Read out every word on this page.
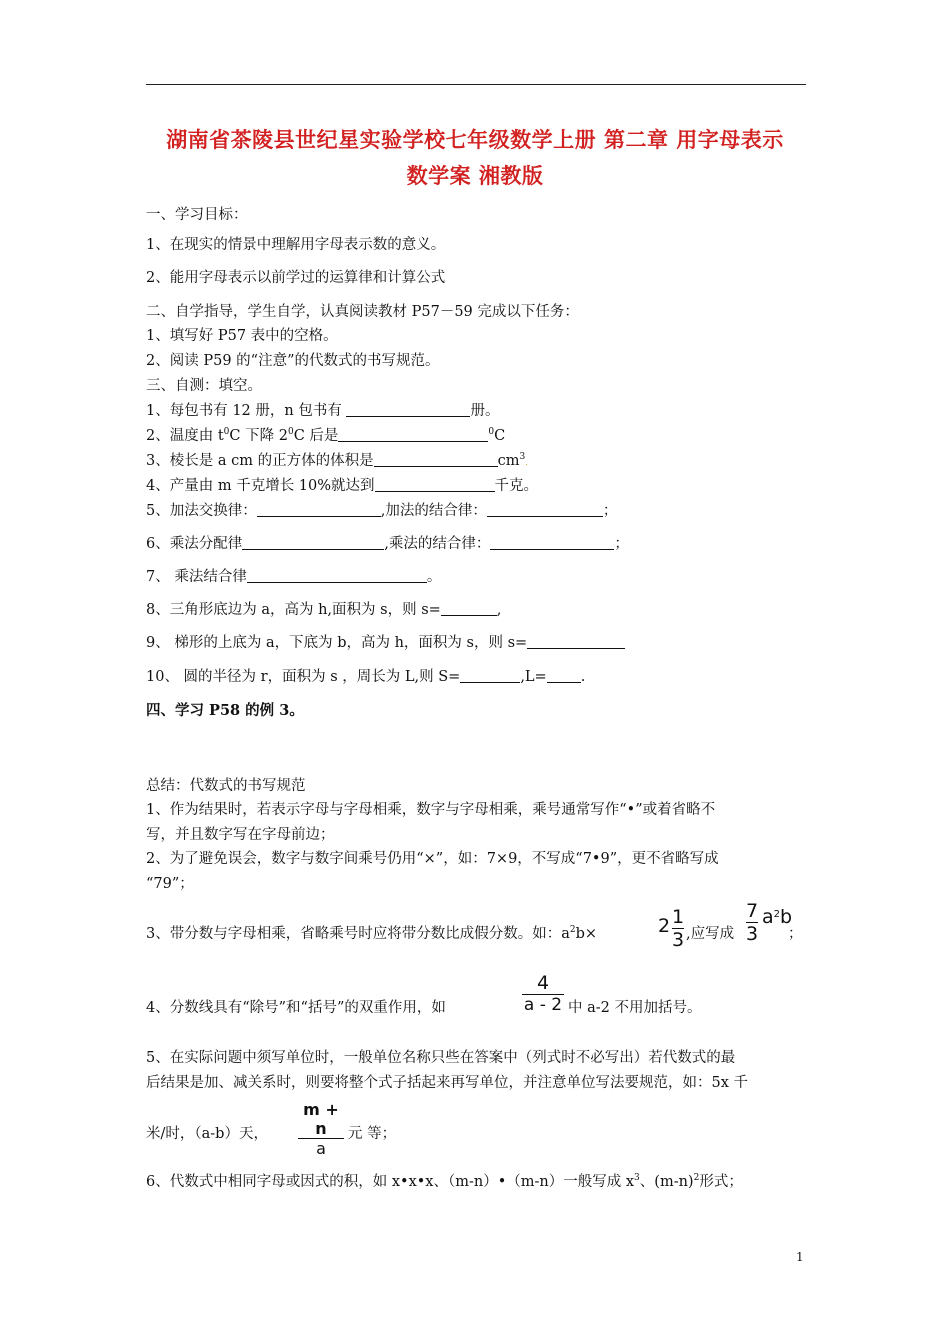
湖南省茶陵县世纪星实验学校七年级数学上册 第二章 用字母表示
数学案 湘教版
一、学习目标：
1、在现实的情景中理解用字母表示数的意义。
2、能用字母表示以前学过的运算律和计算公式
二、自学指导，学生自学，认真阅读教材 P57－59 完成以下任务：
1、填写好 P57 表中的空格。
2、阅读 P59 的“注意”的代数式的书写规范。
三、自测：填空。
1、每包书有 12 册，n 包书有	册。
2、温度由 $t^0C$ 下降 $2^0C$ 后是	$^0$C
3、棱长是 a cm 的正方体的体积是	$cm^3$.
4、产量由 m 千克增长 10%就达到	千克。
5、加法交换律：	,加法的结合律：	；
6、乘法分配律	,乘法的结合律：	；
7、 乘法结合律	。
8、三角形底边为 a，高为 h,面积为 s，则 s=	,
9、 梯形的上底为 a，下底为 b，高为 h，面积为 s，则 s=
10、 圆的半径为 r，面积为 s ，周长为 L,则 S=	,L= .
四、学习 P58 的例 3。
总结：代数式的书写规范
1、作为结果时，若表示字母与字母相乘，数字与字母相乘，乘号通常写作“•”或着省略不
写，并且数字写在字母前边；
2、为了避免误会，数字与数字间乘号仍用“×”，如：7×9，不写成“7•9”，更不省略写成
“79”；
3、带分数与字母相乘，省略乘号时应将带分数比成假分数。如：$a^2b\times$	2 1
3 ,应写成
7
3
$a^2b$
；
4、分数线具有“除号”和“括号”的双重作用，如	$\frac{4}{a - 2}$ 中 a-2 不用加括号。
5、在实际问题中须写单位时，一般单位名称只些在答案中（列式时不必写出）若代数式的最
后结果是加、减关系时，则要将整个式子括起来再写单位，并注意单位写法要规范，如：5x 千
米/时，（a-b）天， $\frac{m + n}{a}$ 元 等；
6、代数式中相同字母或因式的积，如 x•x•x、（m-n）•（m-n）一般写成 $x^3$、$(m-n)^2$形式；
1
